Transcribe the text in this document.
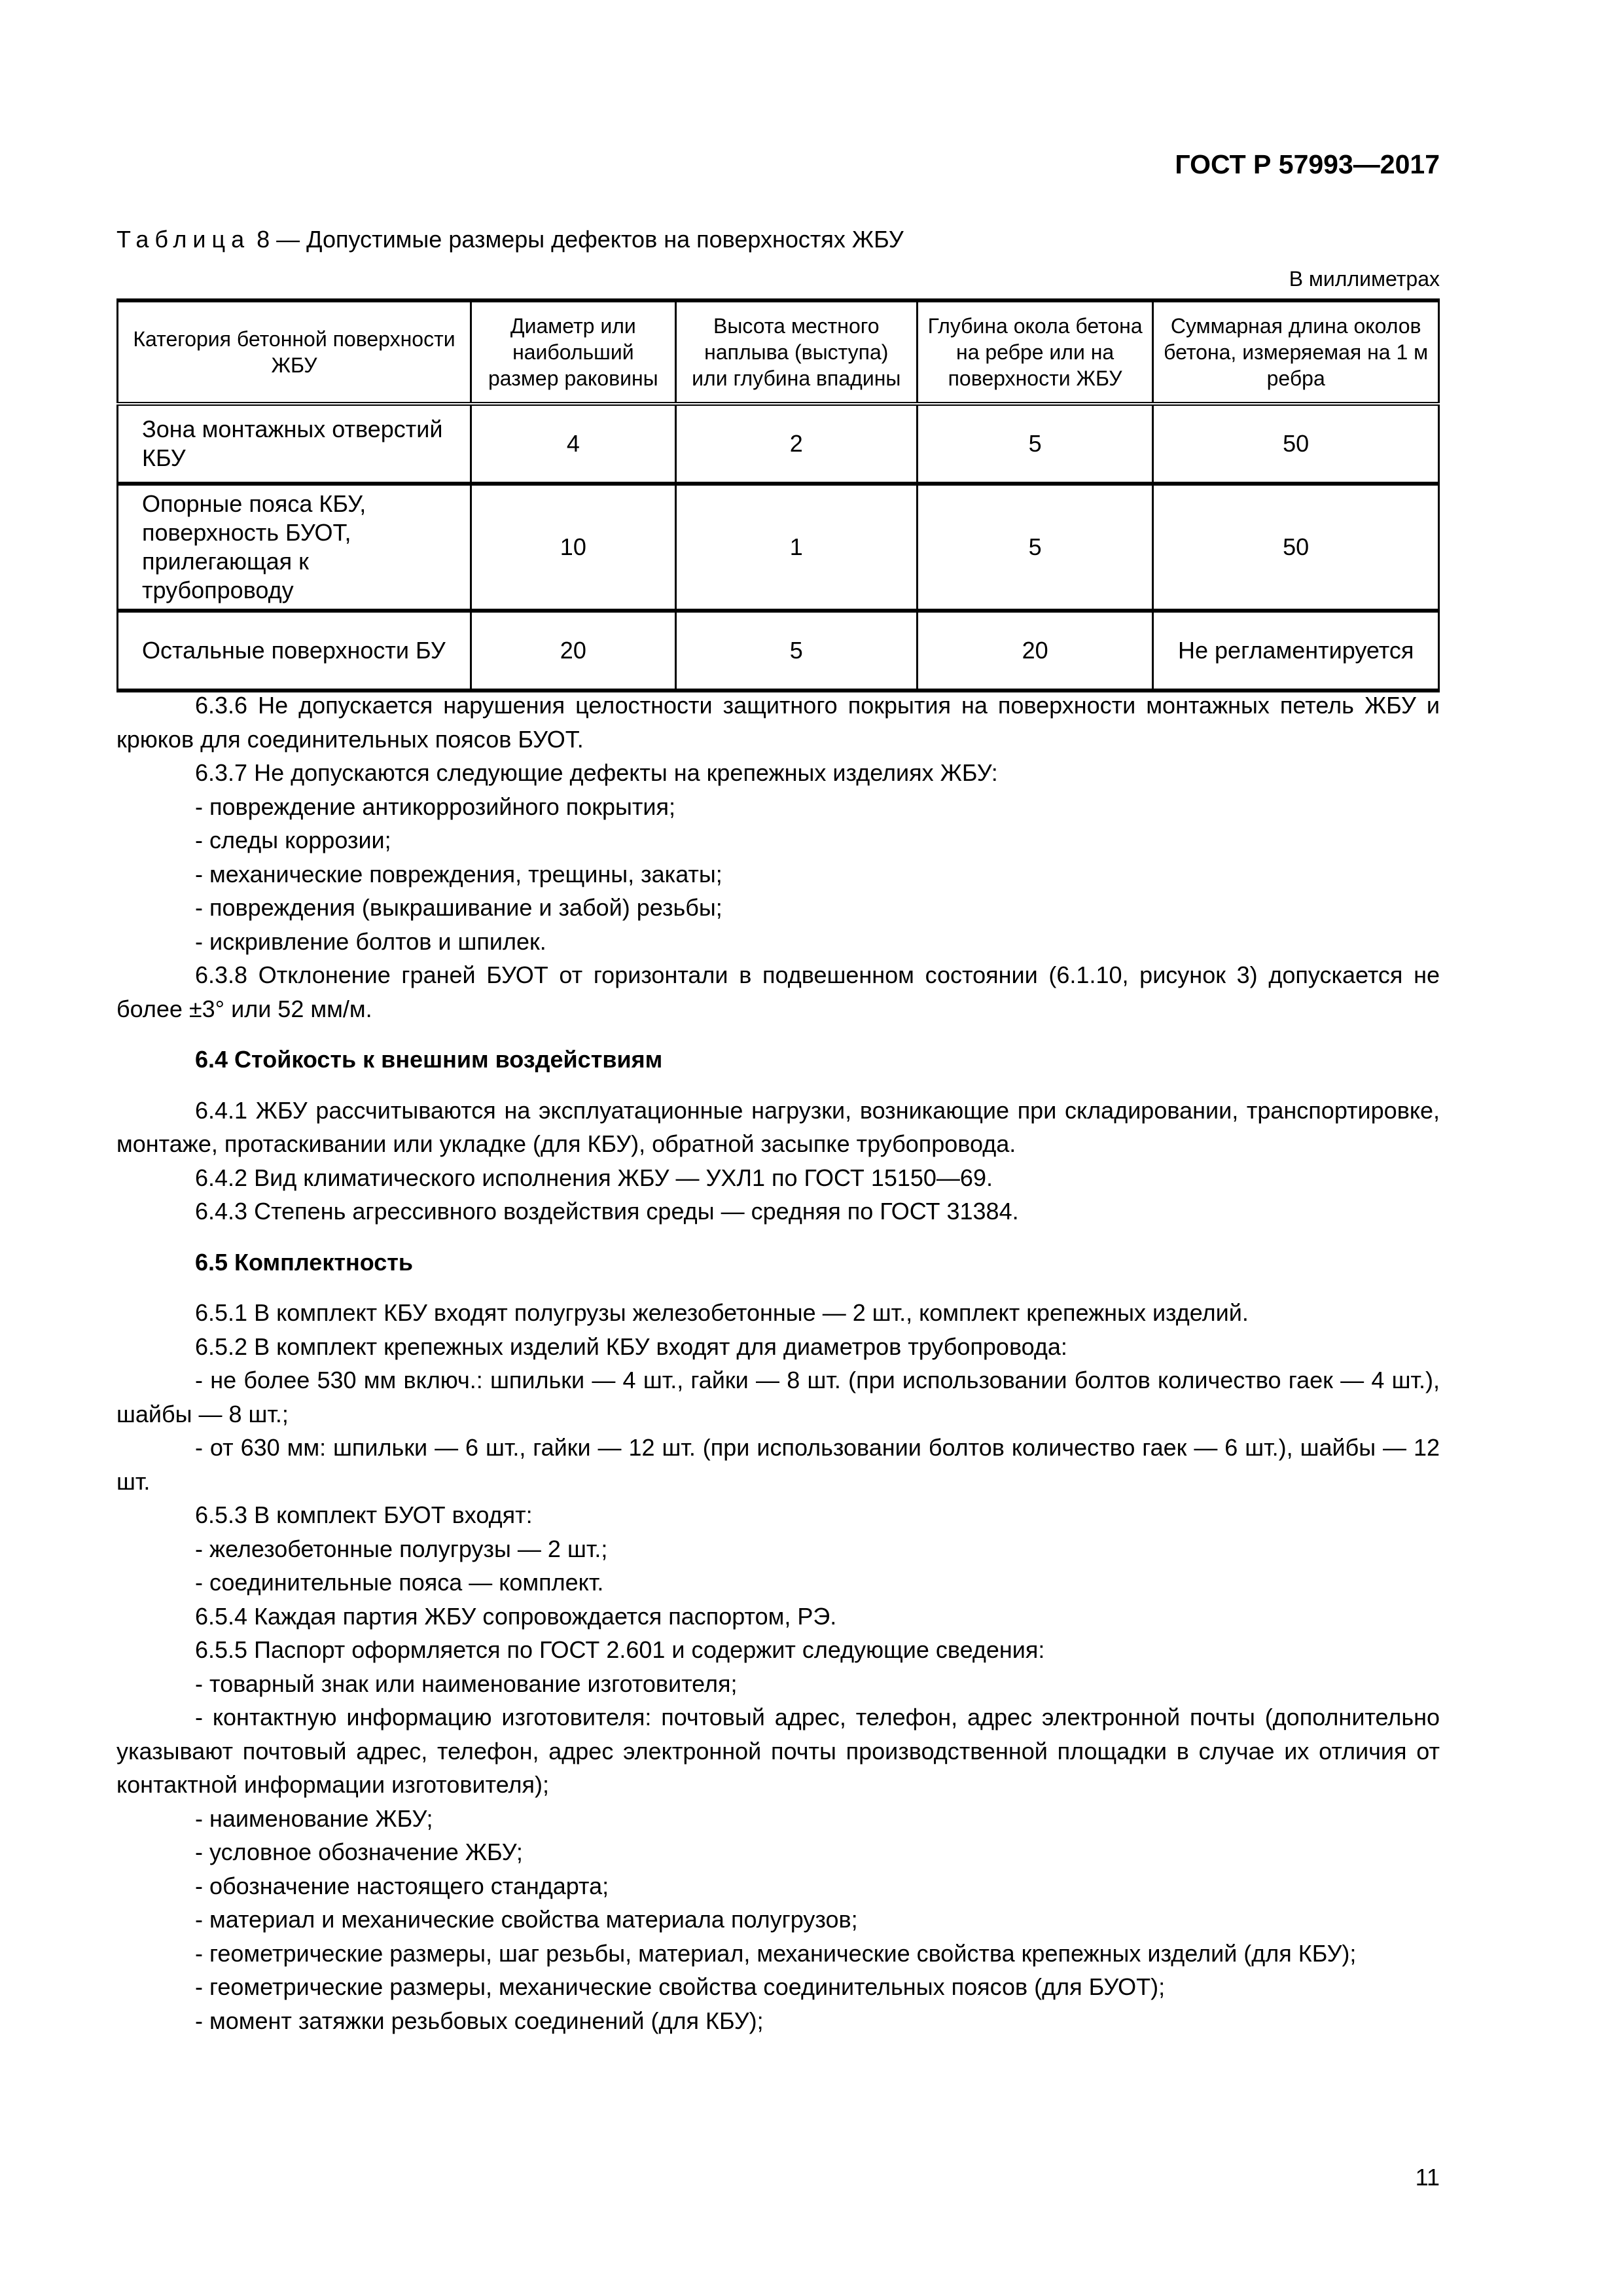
ГОСТ Р 57993—2017
Таблица 8 — Допустимые размеры дефектов на поверхностях ЖБУ
В миллиметрах
Категория бетонной поверхности ЖБУ	Диаметр или наибольший размер раковины	Высота местного наплыва (выступа) или глубина впадины	Глубина окола бетона на ребре или на поверхности ЖБУ	Суммарная длина околов бетона, измеряемая на 1 м ребра
Зона монтажных отверстий КБУ	4	2	5	50
Опорные пояса КБУ, поверхность БУОТ, прилегающая к трубопроводу	10	1	5	50
Остальные поверхности БУ	20	5	20	Не регламентируется

6.3.6 Не допускается нарушения целостности защитного покрытия на поверхности монтажных петель ЖБУ и крюков для соединительных поясов БУОТ.

6.3.7 Не допускаются следующие дефекты на крепежных изделиях ЖБУ:

- повреждение антикоррозийного покрытия;

- следы коррозии;

- механические повреждения, трещины, закаты;

- повреждения (выкрашивание и забой) резьбы;

- искривление болтов и шпилек.

6.3.8 Отклонение граней БУОТ от горизонтали в подвешенном состоянии (6.1.10, рисунок 3) допускается не более ±3° или 52 мм/м.

6.4 Стойкость к внешним воздействиям

6.4.1 ЖБУ рассчитываются на эксплуатационные нагрузки, возникающие при складировании, транспортировке, монтаже, протаскивании или укладке (для КБУ), обратной засыпке трубопровода.

6.4.2 Вид климатического исполнения ЖБУ — УХЛ1 по ГОСТ 15150—69.

6.4.3 Степень агрессивного воздействия среды — средняя по ГОСТ 31384.

6.5 Комплектность

6.5.1 В комплект КБУ входят полугрузы железобетонные — 2 шт., комплект крепежных изделий.

6.5.2 В комплект крепежных изделий КБУ входят для диаметров трубопровода:

- не более 530 мм включ.: шпильки — 4 шт., гайки — 8 шт. (при использовании болтов количество гаек — 4 шт.), шайбы — 8 шт.;

- от 630 мм: шпильки — 6 шт., гайки — 12 шт. (при использовании болтов количество гаек — 6 шт.), шайбы — 12 шт.

6.5.3 В комплект БУОТ входят:

- железобетонные полугрузы — 2 шт.;

- соединительные пояса — комплект.

6.5.4 Каждая партия ЖБУ сопровождается паспортом, РЭ.

6.5.5 Паспорт оформляется по ГОСТ 2.601 и содержит следующие сведения:

- товарный знак или наименование изготовителя;

- контактную информацию изготовителя: почтовый адрес, телефон, адрес электронной почты (дополнительно указывают почтовый адрес, телефон, адрес электронной почты производственной площадки в случае их отличия от контактной информации изготовителя);

- наименование ЖБУ;

- условное обозначение ЖБУ;

- обозначение настоящего стандарта;

- материал и механические свойства материала полугрузов;

- геометрические размеры, шаг резьбы, материал, механические свойства крепежных изделий (для КБУ);

- геометрические размеры, механические свойства соединительных поясов (для БУОТ);

- момент затяжки резьбовых соединений (для КБУ);

11
